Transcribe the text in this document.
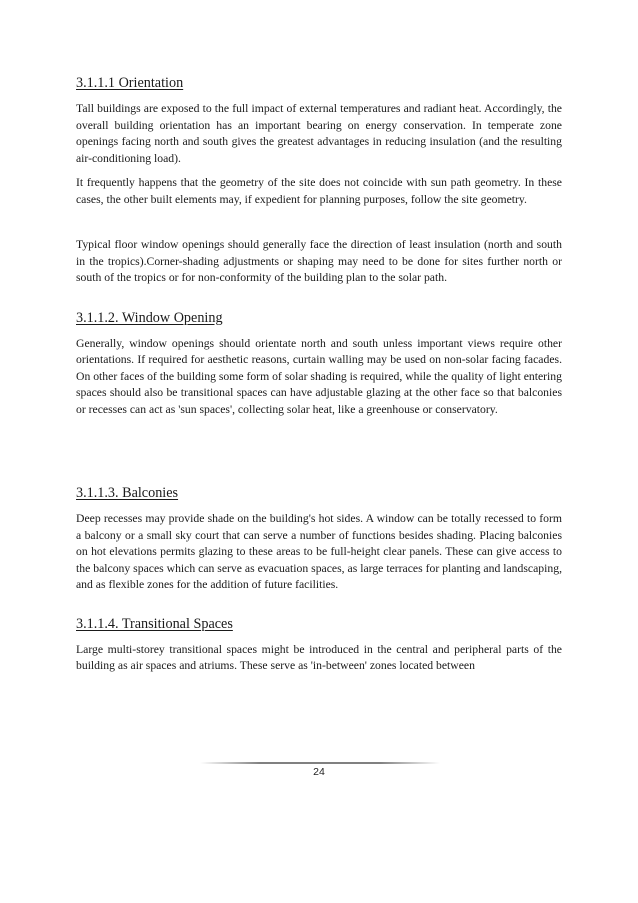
3.1.1.1 Orientation

Tall buildings are exposed to the full impact of external temperatures and radiant heat. Accordingly, the overall building orientation has an important bearing on energy conservation. In temperate zone openings facing north and south gives the greatest advantages in reducing insulation (and the resulting air-conditioning load).

It frequently happens that the geometry of the site does not coincide with sun path geometry. In these cases, the other built elements may, if expedient for planning purposes, follow the site geometry.

Typical floor window openings should generally face the direction of least insulation (north and south in the tropics).Corner-shading adjustments or shaping may need to be done for sites further north or south of the tropics or for non-conformity of the building plan to the solar path.

3.1.1.2. Window Opening

Generally, window openings should orientate north and south unless important views require other orientations. If required for aesthetic reasons, curtain walling may be used on non-solar facing facades. On other faces of the building some form of solar shading is required, while the quality of light entering spaces should also be transitional spaces can have adjustable glazing at the other face so that balconies or recesses can act as 'sun spaces', collecting solar heat, like a greenhouse or conservatory.

3.1.1.3. Balconies

Deep recesses may provide shade on the building's hot sides. A window can be totally recessed to form a balcony or a small sky court that can serve a number of functions besides shading. Placing balconies on hot elevations permits glazing to these areas to be full-height clear panels. These can give access to the balcony spaces which can serve as evacuation spaces, as large terraces for planting and landscaping, and as flexible zones for the addition of future facilities.

3.1.1.4. Transitional Spaces

Large multi-storey transitional spaces might be introduced in the central and peripheral parts of the building as air spaces and atriums. These serve as 'in-between' zones located between

24
